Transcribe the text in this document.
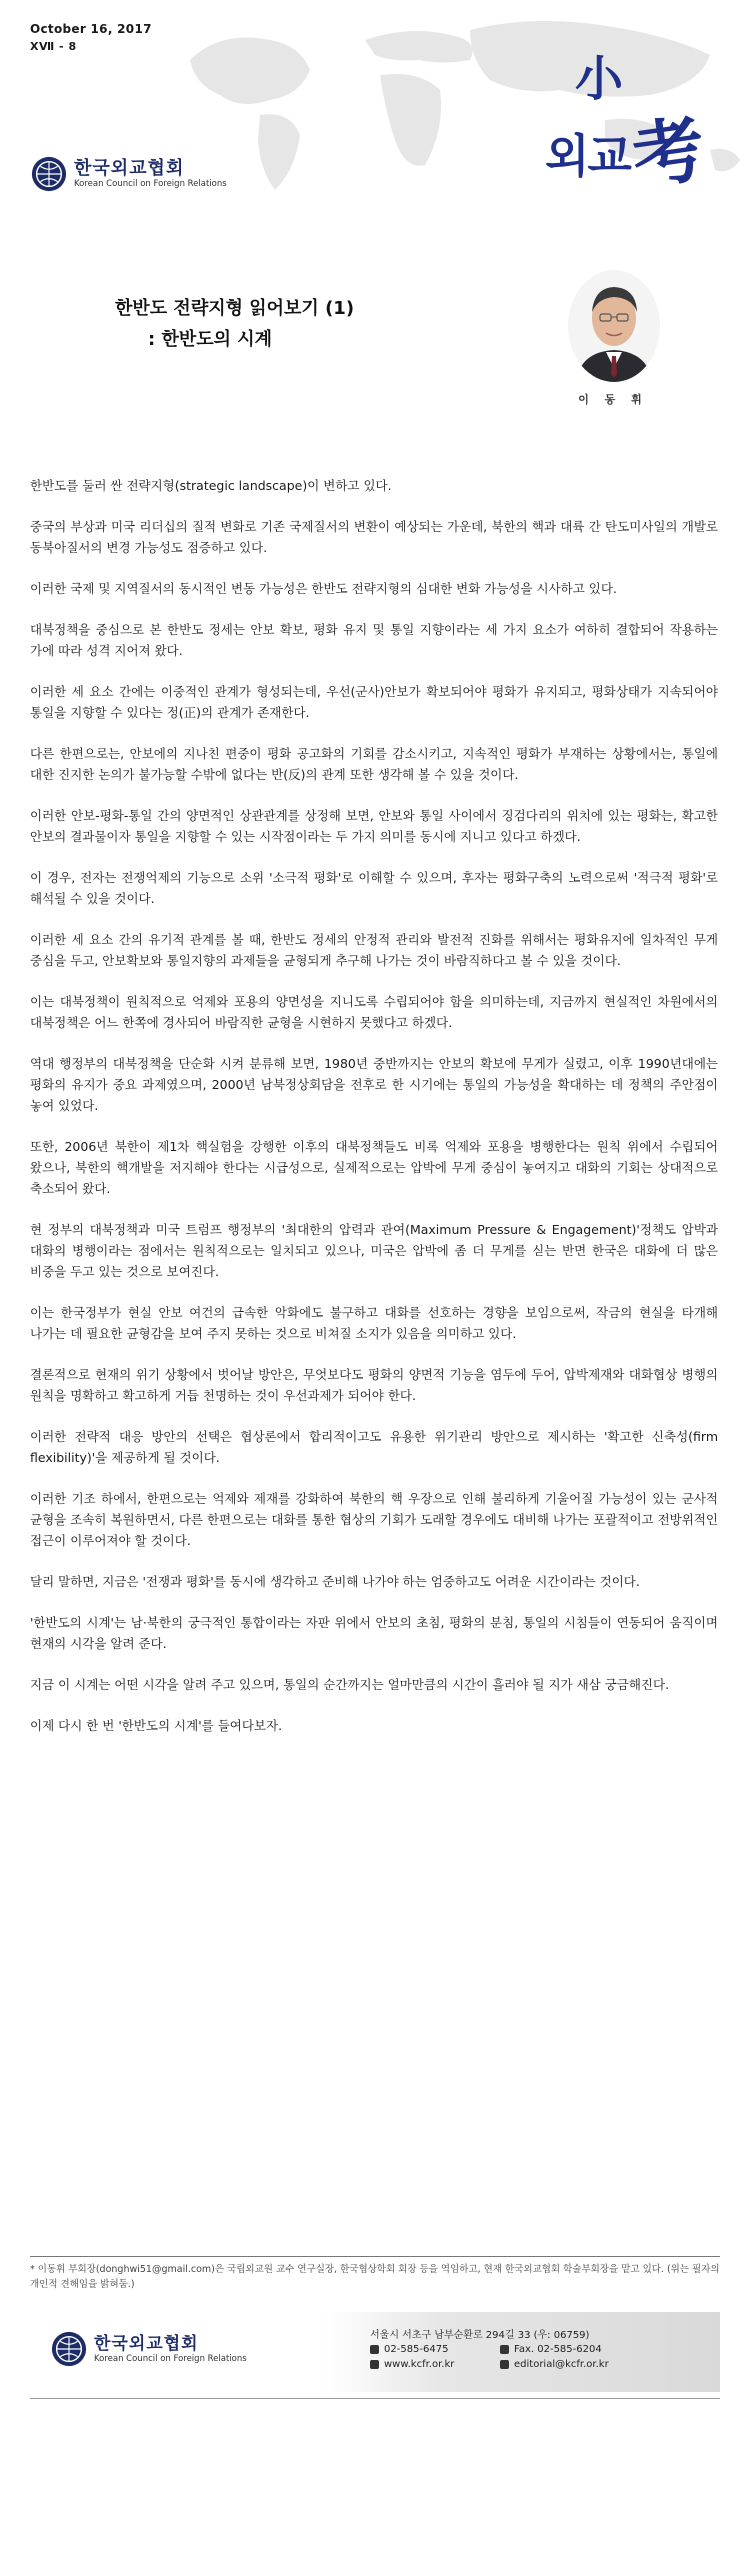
October 16, 2017
XⅦ - 8
한국외교협회
Korean Council on Foreign Relations
외교
小
考
한반도 전략지형 읽어보기 (1)
: 한반도의 시계
이 동 휘

한반도를 둘러 싼 전략지형(strategic landscape)이 변하고 있다.

중국의 부상과 미국 리더십의 질적 변화로 기존 국제질서의 변환이 예상되는 가운데, 북한의 핵과 대륙 간 탄도미사일의 개발로 동북아질서의 변경 가능성도 점증하고 있다.

이러한 국제 및 지역질서의 동시적인 변동 가능성은 한반도 전략지형의 심대한 변화 가능성을 시사하고 있다.

대북정책을 중심으로 본 한반도 정세는 안보 확보, 평화 유지 및 통일 지향이라는 세 가지 요소가 여하히 결합되어 작용하는 가에 따라 성격 지어져 왔다.

이러한 세 요소 간에는 이중적인 관계가 형성되는데, 우선(군사)안보가 확보되어야 평화가 유지되고, 평화상태가 지속되어야 통일을 지향할 수 있다는 정(正)의 관계가 존재한다.

다른 한편으로는, 안보에의 지나친 편중이 평화 공고화의 기회를 감소시키고, 지속적인 평화가 부재하는 상황에서는, 통일에 대한 진지한 논의가 불가능할 수밖에 없다는 반(反)의 관계 또한 생각해 볼 수 있을 것이다.

이러한 안보-평화-통일 간의 양면적인 상관관계를 상정해 보면, 안보와 통일 사이에서 징검다리의 위치에 있는 평화는, 확고한 안보의 결과물이자 통일을 지향할 수 있는 시작점이라는 두 가지 의미를 동시에 지니고 있다고 하겠다.

이 경우, 전자는 전쟁억제의 기능으로 소위 '소극적 평화'로 이해할 수 있으며, 후자는 평화구축의 노력으로써 '적극적 평화'로 해석될 수 있을 것이다.

이러한 세 요소 간의 유기적 관계를 볼 때, 한반도 정세의 안정적 관리와 발전적 진화를 위해서는 평화유지에 일차적인 무게 중심을 두고, 안보확보와 통일지향의 과제들을 균형되게 추구해 나가는 것이 바람직하다고 볼 수 있을 것이다.

이는 대북정책이 원칙적으로 억제와 포용의 양면성을 지니도록 수립되어야 함을 의미하는데, 지금까지 현실적인 차원에서의 대북정책은 어느 한쪽에 경사되어 바람직한 균형을 시현하지 못했다고 하겠다.

역대 행정부의 대북정책을 단순화 시켜 분류해 보면, 1980년 중반까지는 안보의 확보에 무게가 실렸고, 이후 1990년대에는 평화의 유지가 중요 과제였으며, 2000년 남북정상회담을 전후로 한 시기에는 통일의 가능성을 확대하는 데 정책의 주안점이 놓여 있었다.

또한, 2006년 북한이 제1차 핵실험을 강행한 이후의 대북정책들도 비록 억제와 포용을 병행한다는 원칙 위에서 수립되어 왔으나, 북한의 핵개발을 저지해야 한다는 시급성으로, 실제적으로는 압박에 무게 중심이 놓여지고 대화의 기회는 상대적으로 축소되어 왔다.

현 정부의 대북정책과 미국 트럼프 행정부의 '최대한의 압력과 관여(Maximum Pressure & Engagement)'정책도 압박과 대화의 병행이라는 점에서는 원칙적으로는 일치되고 있으나, 미국은 압박에 좀 더 무게를 싣는 반면 한국은 대화에 더 많은 비중을 두고 있는 것으로 보여진다.

이는 한국정부가 현실 안보 여건의 급속한 악화에도 불구하고 대화를 선호하는 경향을 보임으로써, 작금의 현실을 타개해 나가는 데 필요한 균형감을 보여 주지 못하는 것으로 비쳐질 소지가 있음을 의미하고 있다.

결론적으로 현재의 위기 상황에서 벗어날 방안은, 무엇보다도 평화의 양면적 기능을 염두에 두어, 압박제재와 대화협상 병행의 원칙을 명확하고 확고하게 거듭 천명하는 것이 우선과제가 되어야 한다.

이러한 전략적 대응 방안의 선택은 협상론에서 합리적이고도 유용한 위기관리 방안으로 제시하는 '확고한 신축성(firm flexibility)'을 제공하게 될 것이다.

이러한 기조 하에서, 한편으로는 억제와 제재를 강화하여 북한의 핵 우장으로 인해 불리하게 기울어질 가능성이 있는 군사적 균형을 조속히 복원하면서, 다른 한편으로는 대화를 통한 협상의 기회가 도래할 경우에도 대비해 나가는 포괄적이고 전방위적인 접근이 이루어져야 할 것이다.

달리 말하면, 지금은 '전쟁과 평화'를 동시에 생각하고 준비해 나가야 하는 엄중하고도 어려운 시간이라는 것이다.

'한반도의 시계'는 남·북한의 궁극적인 통합이라는 자판 위에서 안보의 초침, 평화의 분침, 통일의 시침들이 연동되어 움직이며 현재의 시각을 알려 준다.

지금 이 시계는 어떤 시각을 알려 주고 있으며, 통일의 순간까지는 얼마만큼의 시간이 흘러야 될 지가 새삼 궁금해진다.

이제 다시 한 번 '한반도의 시계'를 들여다보자.

* 이동휘 부회장(donghwi51@gmail.com)은 국립외교원 교수 연구실장, 한국협상학회 회장 등을 역임하고, 현재 한국외교협회 학술부회장을 맡고 있다. (위는 필자의 개인적 견해임을 밝혀둠.)
한국외교협회
Korean Council on Foreign Relations
서울시 서초구 남부순환로 294길 33 (우: 06759)
02-585-6475
www.kcfr.or.kr
Fax. 02-585-6204
editorial@kcfr.or.kr
